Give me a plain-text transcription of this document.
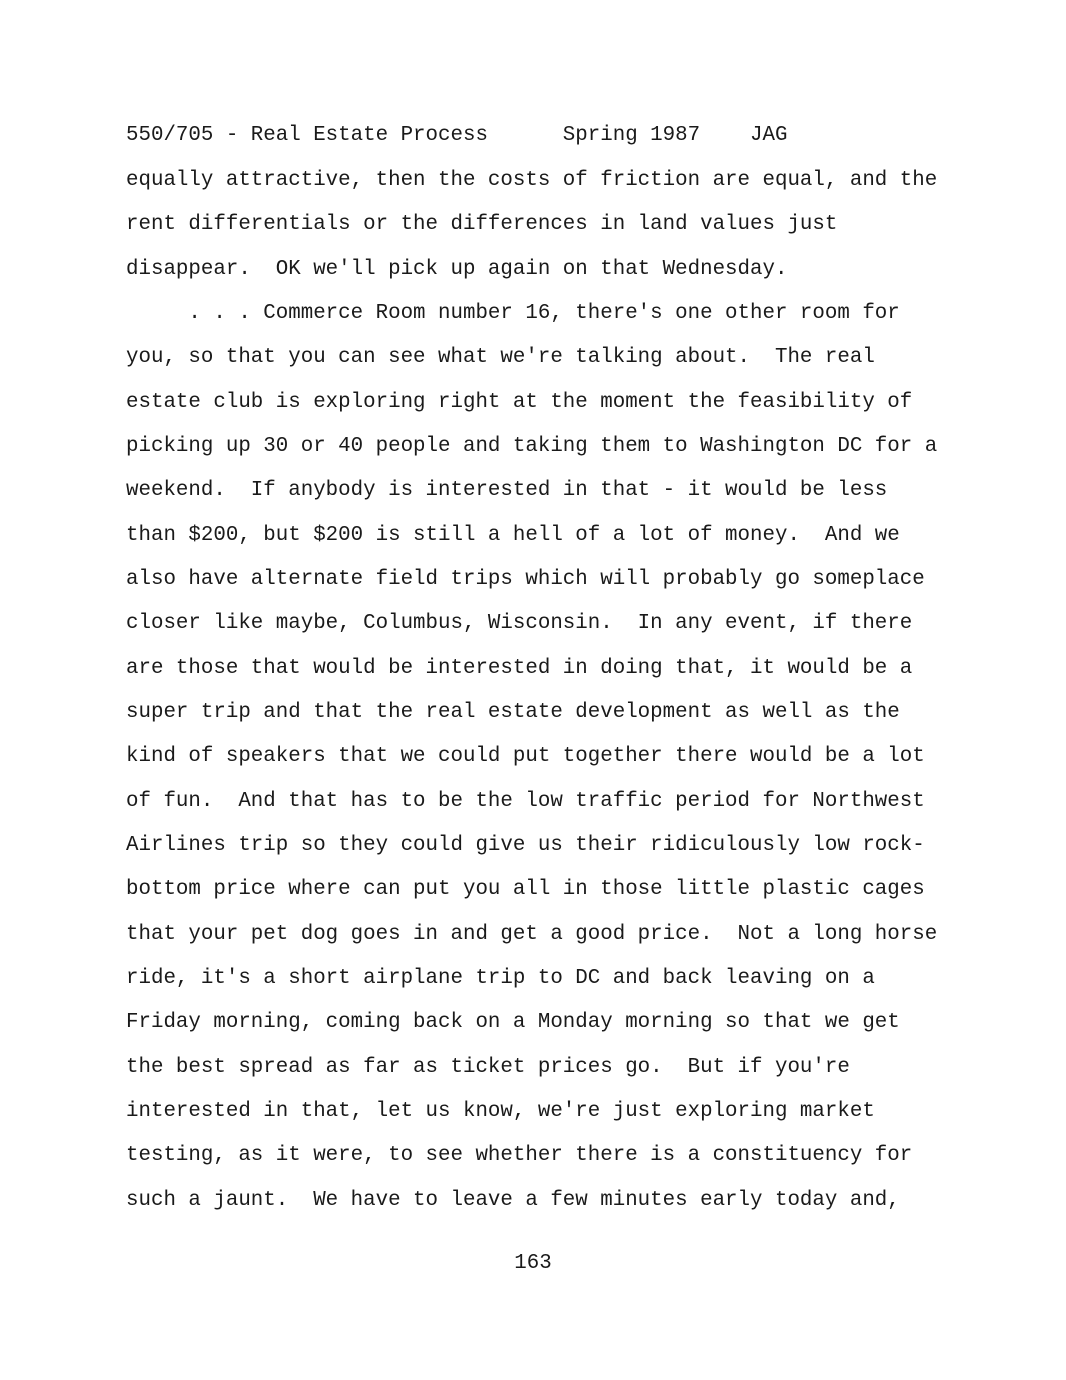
550/705 - Real Estate Process      Spring 1987    JAG
equally attractive, then the costs of friction are equal, and the
rent differentials or the differences in land values just
disappear.  OK we'll pick up again on that Wednesday.
. . . Commerce Room number 16, there's one other room for
you, so that you can see what we're talking about.  The real
estate club is exploring right at the moment the feasibility of
picking up 30 or 40 people and taking them to Washington DC for a
weekend.  If anybody is interested in that - it would be less
than $200, but $200 is still a hell of a lot of money.  And we
also have alternate field trips which will probably go someplace
closer like maybe, Columbus, Wisconsin.  In any event, if there
are those that would be interested in doing that, it would be a
super trip and that the real estate development as well as the
kind of speakers that we could put together there would be a lot
of fun.  And that has to be the low traffic period for Northwest
Airlines trip so they could give us their ridiculously low rock-
bottom price where can put you all in those little plastic cages
that your pet dog goes in and get a good price.  Not a long horse
ride, it's a short airplane trip to DC and back leaving on a
Friday morning, coming back on a Monday morning so that we get
the best spread as far as ticket prices go.  But if you're
interested in that, let us know, we're just exploring market
testing, as it were, to see whether there is a constituency for
such a jaunt.  We have to leave a few minutes early today and,
163
